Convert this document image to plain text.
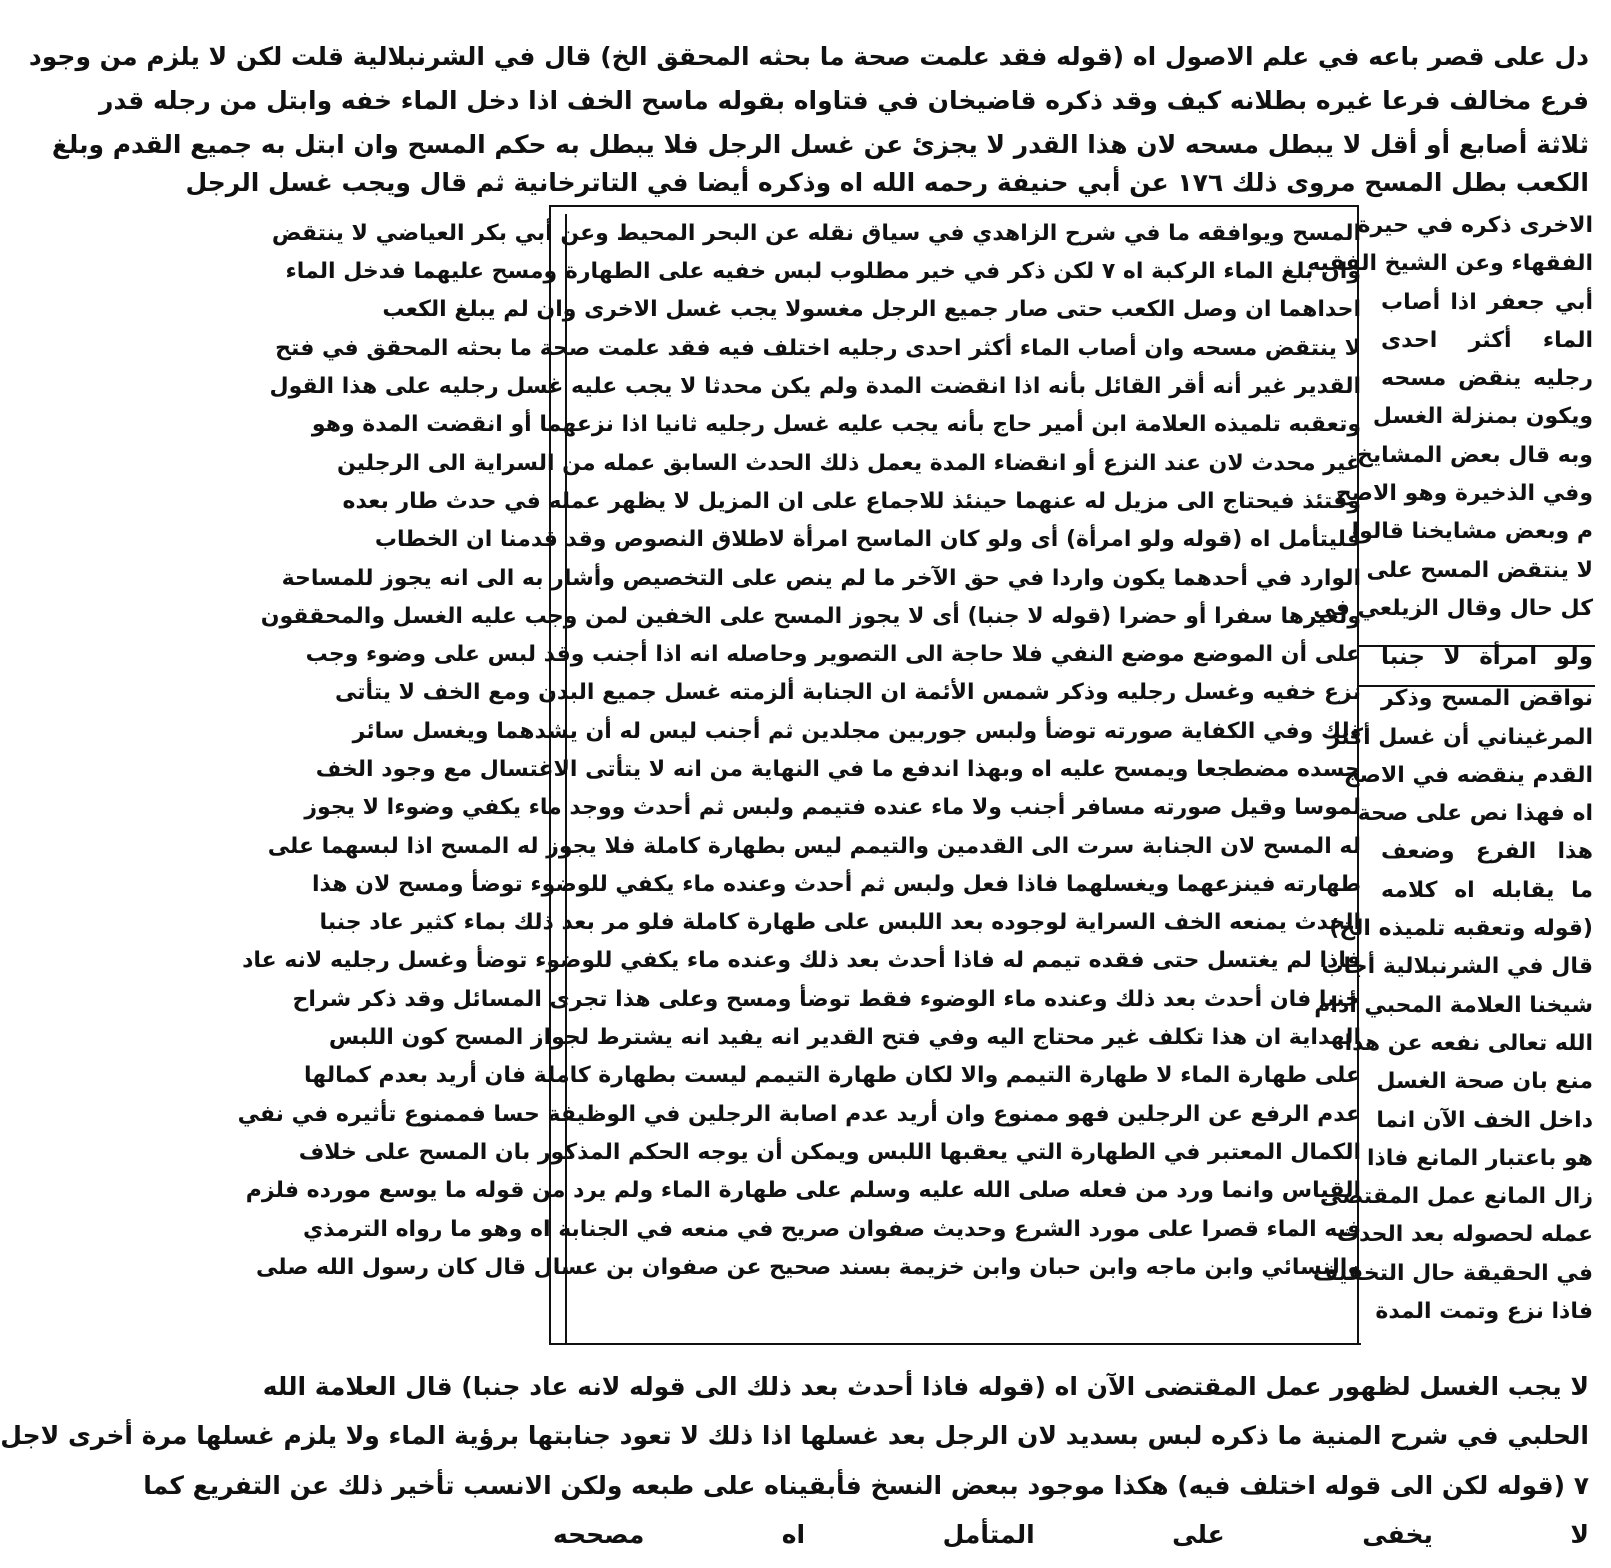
دل على قصر باعه في علم الاصول اه (قوله فقد علمت صحة ما بحثه المحقق الخ) قال في الشرنبلالية قلت لكن لا يلزم من وجود
فرع مخالف فرعا غيره بطلانه كيف وقد ذكره قاضيخان في فتاواه بقوله ماسح الخف اذا دخل الماء خفه وابتل من رجله قدر
ثلاثة أصابع أو أقل لا يبطل مسحه لان هذا القدر لا يجزئ عن غسل الرجل فلا يبطل به حكم المسح وان ابتل به جميع القدم وبلغ
الكعب بطل المسح مروى ذلك ١٧٦ عن أبي حنيفة رحمه الله اه وذكره أيضا في التاترخانية ثم قال ويجب غسل الرجل
المسح ويوافقه ما في شرح الزاهدي في سياق نقله عن البحر المحيط وعن أبي بكر العياضي لا ينتقض
وان بلغ الماء الركبة اه ٧ لكن ذكر في خير مطلوب لبس خفيه على الطهارة ومسح عليهما فدخل الماء
احداهما ان وصل الكعب حتى صار جميع الرجل مغسولا يجب غسل الاخرى وان لم يبلغ الكعب
لا ينتقض مسحه وان أصاب الماء أكثر احدى رجليه اختلف فيه فقد علمت صحة ما بحثه المحقق في فتح
القدير غير أنه أقر القائل بأنه اذا انقضت المدة ولم يكن محدثا لا يجب عليه غسل رجليه على هذا القول
وتعقبه تلميذه العلامة ابن أمير حاج بأنه يجب عليه غسل رجليه ثانيا اذا نزعهما أو انقضت المدة وهو
غير محدث لان عند النزع أو انقضاء المدة يعمل ذلك الحدث السابق عمله من السراية الى الرجلين
وقتئذ فيحتاج الى مزيل له عنهما حينئذ للاجماع على ان المزيل لا يظهر عمله في حدث طار بعده
فليتأمل اه (قوله ولو امرأة) أى ولو كان الماسح امرأة لاطلاق النصوص وقد قدمنا ان الخطاب
الوارد في أحدهما يكون واردا في حق الآخر ما لم ينص على التخصيص وأشار به الى انه يجوز للمساحة
ولغيرها سفرا أو حضرا (قوله لا جنبا) أى لا يجوز المسح على الخفين لمن وجب عليه الغسل والمحققون
على أن الموضع موضع النفي فلا حاجة الى التصوير وحاصله انه اذا أجنب وقد لبس على وضوء وجب
نزع خفيه وغسل رجليه وذكر شمس الأئمة ان الجنابة ألزمته غسل جميع البدن ومع الخف لا يتأتى
ذلك وفي الكفاية صورته توضأ ولبس جوربين مجلدين ثم أجنب ليس له أن يشدهما ويغسل سائر
جسده مضطجعا ويمسح عليه اه وبهذا اندفع ما في النهاية من انه لا يتأتى الاغتسال مع وجود الخف
لموسا وقيل صورته مسافر أجنب ولا ماء عنده فتيمم ولبس ثم أحدث ووجد ماء يكفي وضوءا لا يجوز
له المسح لان الجنابة سرت الى القدمين والتيمم ليس بطهارة كاملة فلا يجوز له المسح اذا لبسهما على
طهارته فينزعهما ويغسلهما فاذا فعل ولبس ثم أحدث وعنده ماء يكفي للوضوء توضأ ومسح لان هذا
الحدث يمنعه الخف السراية لوجوده بعد اللبس على طهارة كاملة فلو مر بعد ذلك بماء كثير عاد جنبا
فاذا لم يغتسل حتى فقده تيمم له فاذا أحدث بعد ذلك وعنده ماء يكفي للوضوء توضأ وغسل رجليه لانه عاد
جنبا فان أحدث بعد ذلك وعنده ماء الوضوء فقط توضأ ومسح وعلى هذا تجرى المسائل وقد ذكر شراح
الهداية ان هذا تكلف غير محتاج اليه وفي فتح القدير انه يفيد انه يشترط لجواز المسح كون اللبس
على طهارة الماء لا طهارة التيمم والا لكان طهارة التيمم ليست بطهارة كاملة فان أريد بعدم كمالها
عدم الرفع عن الرجلين فهو ممنوع وان أريد عدم اصابة الرجلين في الوظيفة حسا فممنوع تأثيره في نفي
الكمال المعتبر في الطهارة التي يعقبها اللبس ويمكن أن يوجه الحكم المذكور بان المسح على خلاف
القياس وانما ورد من فعله صلى الله عليه وسلم على طهارة الماء ولم يرد من قوله ما يوسع مورده فلزم
فيه الماء قصرا على مورد الشرع وحديث صفوان صريح في منعه في الجنابة اه وهو ما رواه الترمذي
والنسائي وابن ماجه وابن حبان وابن خزيمة بسند صحيح عن صفوان بن عسال قال كان رسول الله صلى
الاخرى ذكره في حيرة
الفقهاء وعن الشيخ الفقيه
أبي جعفر اذا أصاب
الماء أكثر احدى
رجليه ينقض مسحه
ويكون بمنزلة الغسل
وبه قال بعض المشايخ
وفي الذخيرة وهو الاصح
م وبعض مشايخنا قالوا
لا ينتقض المسح على
كل حال وقال الزيلعي في
ولو امرأة لا جنبا
نواقض المسح وذكر
المرغيناني أن غسل أكثر
القدم ينقضه في الاصح
اه فهذا نص على صحة
هذا الفرع وضعف
ما يقابله اه كلامه
(قوله وتعقبه تلميذه الخ)
قال في الشرنبلالية أجاب
شيخنا العلامة المحبي أدام
الله تعالى نفعه عن هذا
منع بان صحة الغسل
داخل الخف الآن انما
هو باعتبار المانع فاذا
زال المانع عمل المقتضى
عمله لحصوله بعد الحدث
في الحقيقة حال التخفيف
فاذا نزع وتمت المدة
لا يجب الغسل لظهور عمل المقتضى الآن اه (قوله فاذا أحدث بعد ذلك الى قوله لانه عاد جنبا) قال العلامة الله
الحلبي في شرح المنية ما ذكره لبس بسديد لان الرجل بعد غسلها اذا ذلك لا تعود جنابتها برؤية الماء ولا يلزم غسلها مرة أخرى لاجل
٧ (قوله لكن الى قوله اختلف فيه) هكذا موجود ببعض النسخ فأبقيناه على طبعه ولكن الانسب تأخير ذلك عن التفريع كما
لا يخفى على المتأمل اه مصححه
